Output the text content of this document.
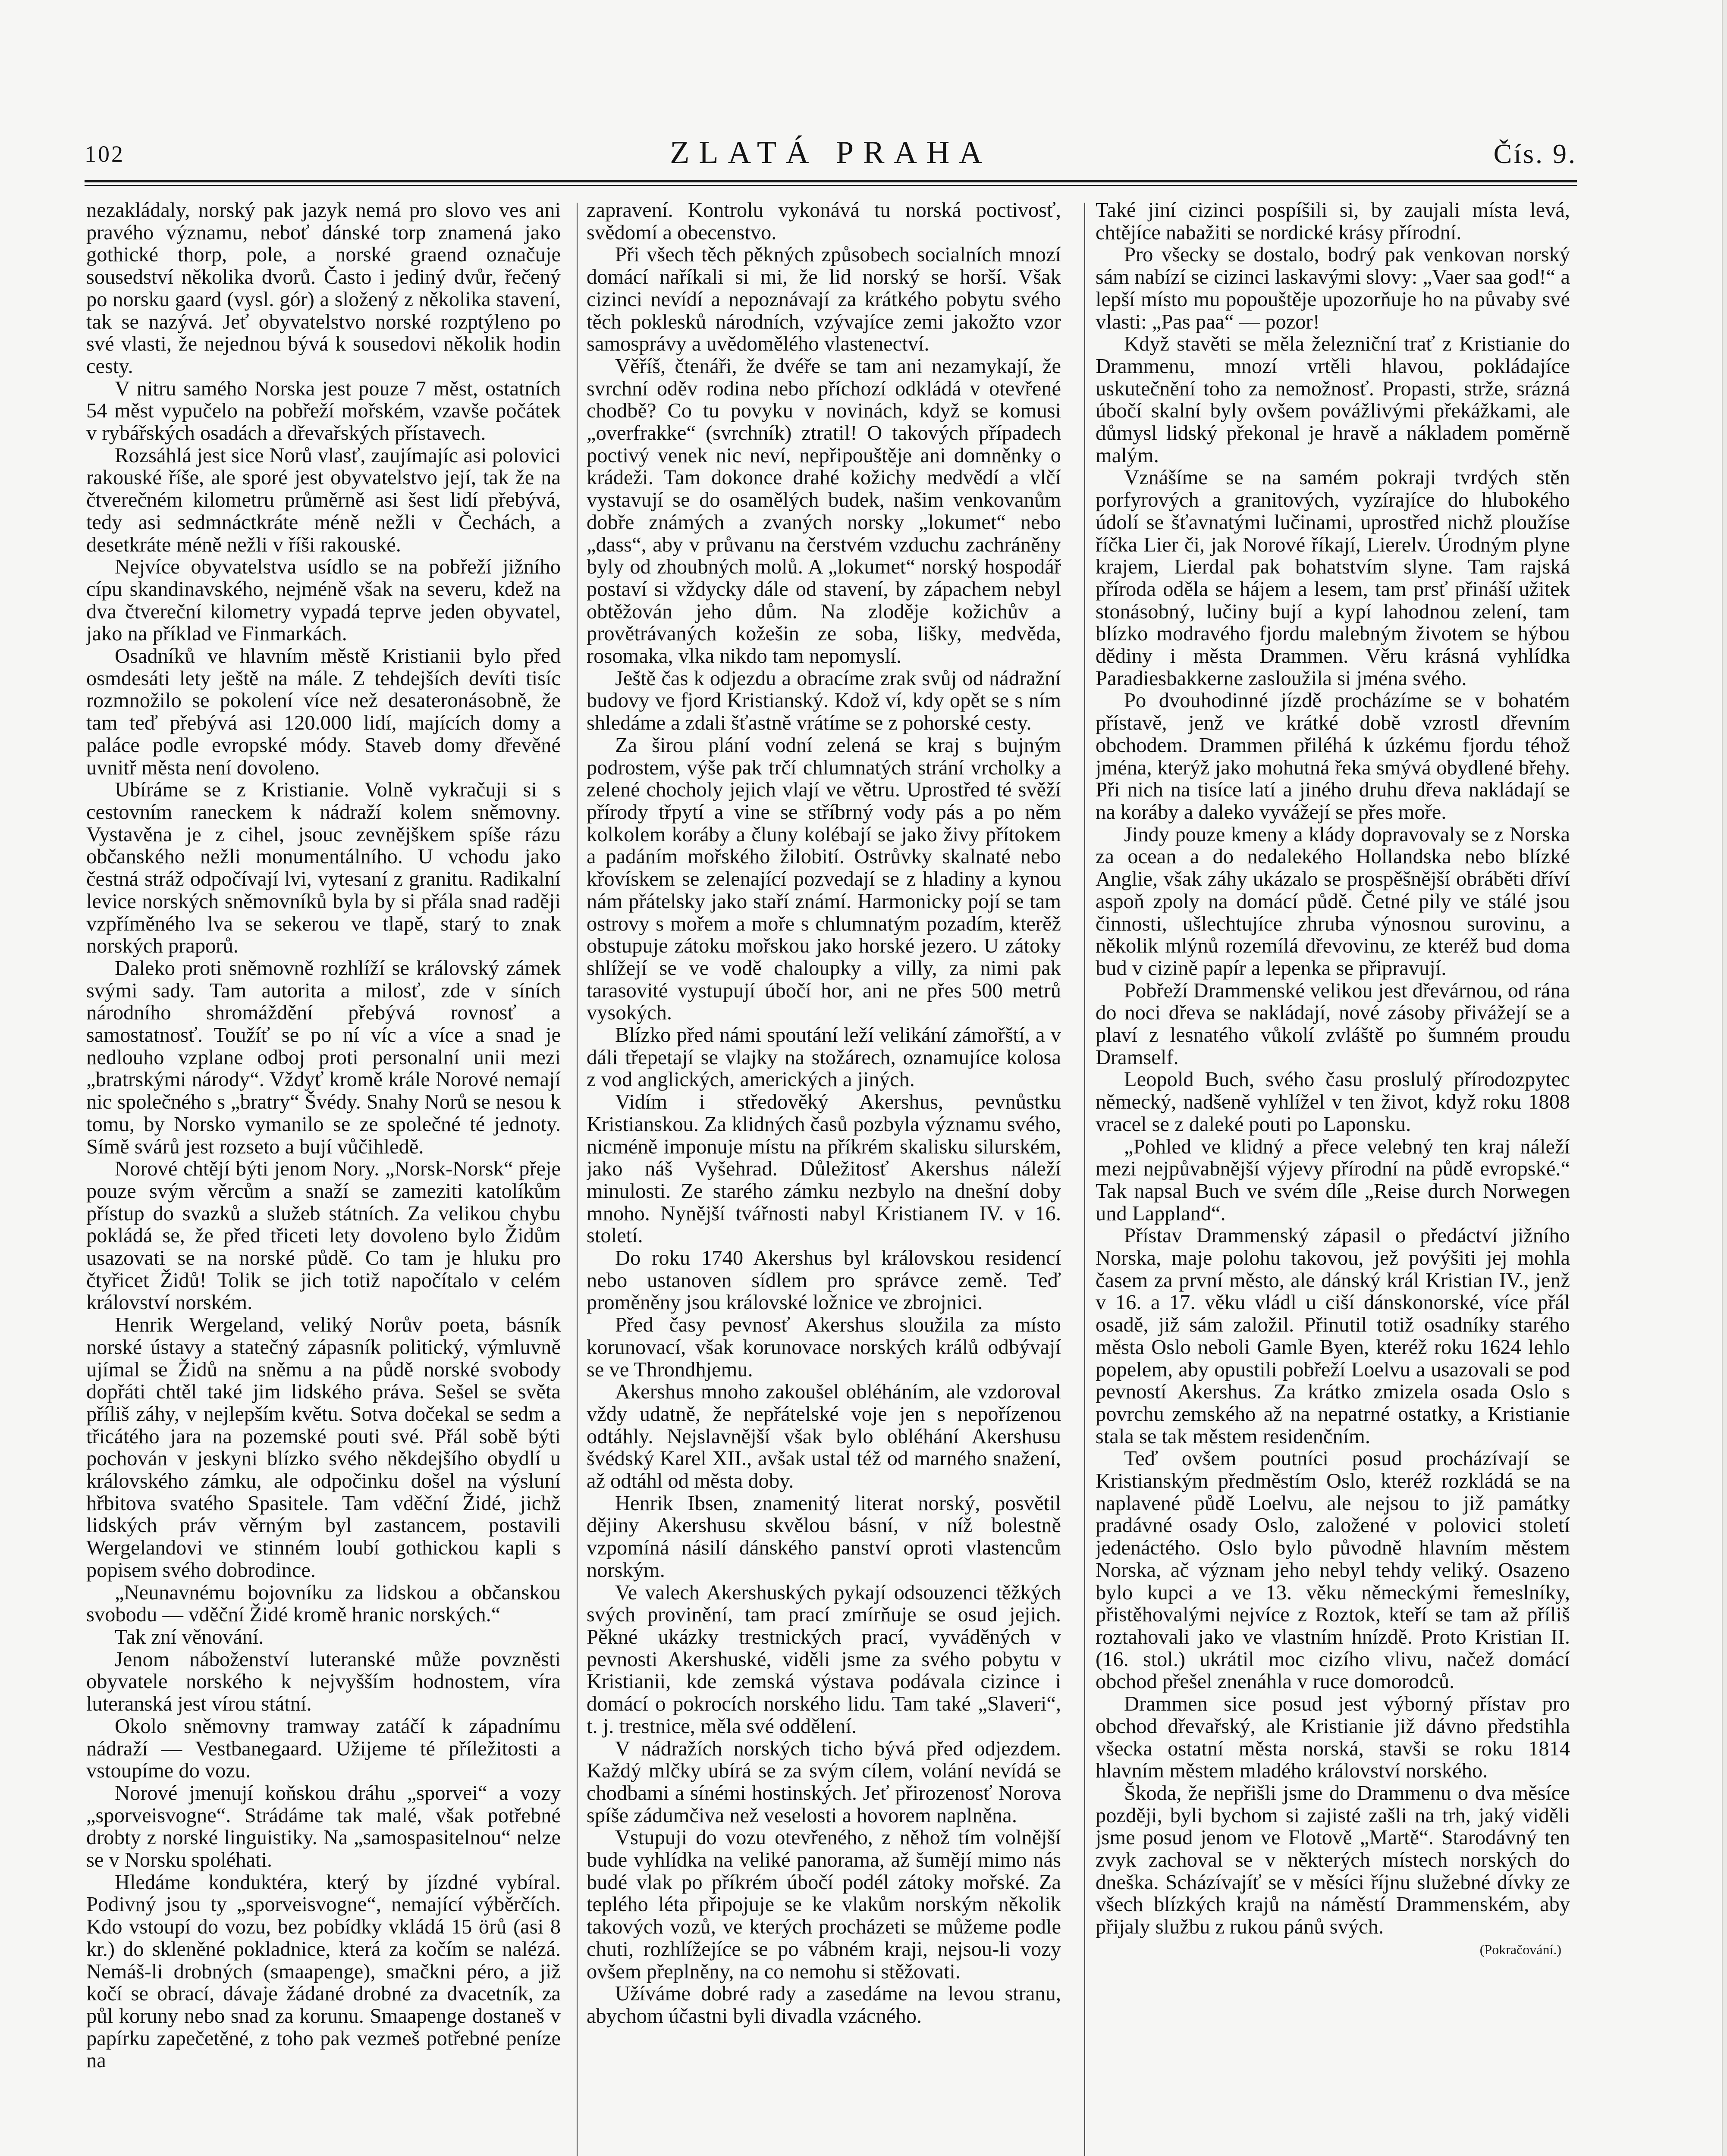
102	ZLATÁ PRAHA	Čís. 9.

nezakládaly, norský pak jazyk nemá pro slovo ves ani pravého významu, neboť dánské torp znamená jako gothické thorp, pole, a norské graend označuje sousedství několika dvorů. Často i jediný dvůr, řečený po norsku gaard (vysl. gór) a složený z několika stavení, tak se nazývá. Jeť obyvatelstvo norské rozptýleno po své vlasti, že nejednou bývá k sousedovi několik hodin cesty.

V nitru samého Norska jest pouze 7 měst, ostatních 54 měst vypučelo na pobřeží mořském, vzavše počátek v rybářských osadách a dřevařských přístavech.

Rozsáhlá jest sice Norů vlasť, zaujímajíc asi polovici rakouské říše, ale sporé jest obyvatelstvo její, tak že na čtverečném kilometru průměrně asi šest lidí přebývá, tedy asi sedmnáctkráte méně nežli v Čechách, a desetkráte méně nežli v říši rakouské.

Nejvíce obyvatelstva usídlo se na pobřeží jižního cípu skandinavského, nejméně však na severu, kdež na dva čtvereční kilometry vypadá teprve jeden obyvatel, jako na příklad ve Finmarkách.

Osadníků ve hlavním městě Kristianii bylo před osmdesáti lety ještě na mále. Z tehdejších devíti tisíc rozmnožilo se pokolení více než desateronásobně, že tam teď přebývá asi 120.000 lidí, majících domy a paláce podle evropské módy. Staveb domy dřevěné uvnitř města není dovoleno.

Ubíráme se z Kristianie. Volně vykračuji si s cestovním raneckem k nádraží kolem sněmovny. Vystavěna je z cihel, jsouc zevnějškem spíše rázu občanského nežli monumentálního. U vchodu jako čestná stráž odpočívají lvi, vytesaní z granitu. Radikalní levice norských sněmovníků byla by si přála snad raději vzpříměného lva se sekerou ve tlapě, starý to znak norských praporů.

Daleko proti sněmovně rozhlíží se královský zámek svými sady. Tam autorita a milosť, zde v síních národního shromáždění přebývá rovnosť a samostatnosť. Toužíť se po ní víc a více a snad je nedlouho vzplane odboj proti personalní unii mezi „bratrskými národy“. Vždyť kromě krále Norové nemají nic společného s „bratry“ Švédy. Snahy Norů se nesou k tomu, by Norsko vymanilo se ze společné té jednoty. Símě svárů jest rozseto a bují vůčihledě.

Norové chtějí býti jenom Nory. „Norsk-Norsk“ přeje pouze svým věrcům a snaží se zameziti katolíkům přístup do svazků a služeb státních. Za velikou chybu pokládá se, že před třiceti lety dovoleno bylo Židům usazovati se na norské půdě. Co tam je hluku pro čtyřicet Židů! Tolik se jich totiž napočítalo v celém království norském.

Henrik Wergeland, veliký Norův poeta, básník norské ústavy a statečný zápasník politický, výmluvně ujímal se Židů na sněmu a na půdě norské svobody dopřáti chtěl také jim lidského práva. Sešel se světa příliš záhy, v nejlepším květu. Sotva dočekal se sedm a třicátého jara na pozemské pouti své. Přál sobě býti pochován v jeskyni blízko svého někdejšího obydlí u královského zámku, ale odpočinku došel na výsluní hřbitova svatého Spasitele. Tam vděční Židé, jichž lidských práv věrným byl zastancem, postavili Wergelandovi ve stinném loubí gothickou kapli s popisem svého dobrodince.

„Neunavnému bojovníku za lidskou a občanskou svobodu — vděční Židé kromě hranic norských.“

Tak zní věnování.

Jenom náboženství luteranské může povzněsti obyvatele norského k nejvyšším hodnostem, víra luteranská jest vírou státní.

Okolo sněmovny tramway zatáčí k západnímu nádraží — Vestbanegaard. Užijeme té příležitosti a vstoupíme do vozu.

Norové jmenují koňskou dráhu „sporvei“ a vozy „sporveisvogne“. Strádáme tak malé, však potřebné drobty z norské linguistiky. Na „samospasitelnou“ nelze se v Norsku spoléhati.

Hledáme konduktéra, který by jízdné vybíral. Podivný jsou ty „sporveisvogne“, nemající výběrčích. Kdo vstoupí do vozu, bez pobídky vkládá 15 örů (asi 8 kr.) do skleněné pokladnice, která za kočím se nalézá. Nemáš-li drobných (smaapenge), smačkni péro, a již kočí se obrací, dávaje žádané drobné za dvacetník, za půl koruny nebo snad za korunu. Smaapenge dostaneš v papírku zapečetěné, z toho pak vezmeš potřebné peníze na

zapravení. Kontrolu vykonává tu norská poctivosť, svědomí a obecenstvo.

Při všech těch pěkných způsobech socialních mnozí domácí naříkali si mi, že lid norský se horší. Však cizinci nevídí a nepoznávají za krátkého pobytu svého těch poklesků národních, vzývajíce zemi jakožto vzor samosprávy a uvědomělého vlastenectví.

Věříš, čtenáři, že dvéře se tam ani nezamykají, že svrchní oděv rodina nebo příchozí odkládá v otevřené chodbě? Co tu povyku v novinách, když se komusi „overfrakke“ (svrchník) ztratil! O takových případech poctivý venek nic neví, nepřipouštěje ani domněnky o krádeži. Tam dokonce drahé kožichy medvědí a vlčí vystavují se do osamělých budek, našim venkovanům dobře známých a zvaných norsky „lokumet“ nebo „dass“, aby v průvanu na čerstvém vzduchu zachráněny byly od zhoubných molů. A „lokumet“ norský hospodář postaví si vždycky dále od stavení, by zápachem nebyl obtěžován jeho dům. Na zloděje kožichův a provětrávaných kožešin ze soba, lišky, medvěda, rosomaka, vlka nikdo tam nepomyslí.

Ještě čas k odjezdu a obracíme zrak svůj od nádražní budovy ve fjord Kristianský. Kdož ví, kdy opět se s ním shledáme a zdali šťastně vrátíme se z pohorské cesty.

Za širou plání vodní zelená se kraj s bujným podrostem, výše pak trčí chlumnatých strání vrcholky a zelené chocholy jejich vlají ve větru. Uprostřed té svěží přírody třpytí a vine se stříbrný vody pás a po něm kolkolem koráby a čluny kolébají se jako živy přítokem a padáním mořského žilobití. Ostrůvky skalnaté nebo křovískem se zelenající pozvedají se z hladiny a kynou nám přátelsky jako staří známí. Harmonicky pojí se tam ostrovy s mořem a moře s chlumnatým pozadím, kterěž obstupuje zátoku mořskou jako horské jezero. U zátoky shlížejí se ve vodě chaloupky a villy, za nimi pak tarasovité vystupují úbočí hor, ani ne přes 500 metrů vysokých.

Blízko před námi spoutání leží velikání zámořští, a v dáli třepetají se vlajky na stožárech, oznamujíce kolosa z vod anglických, amerických a jiných.

Vidím i středověký Akershus, pevnůstku Kristianskou. Za klidných časů pozbyla významu svého, nicméně imponuje místu na příkrém skalisku silurském, jako náš Vyšehrad. Důležitosť Akershus náleží minulosti. Ze starého zámku nezbylo na dnešní doby mnoho. Nynější tvářnosti nabyl Kristianem IV. v 16. století.

Do roku 1740 Akershus byl královskou residencí nebo ustanoven sídlem pro správce země. Teď proměněny jsou královské ložnice ve zbrojnici.

Před časy pevnosť Akershus sloužila za místo korunovací, však korunovace norských králů odbývají se ve Throndhjemu.

Akershus mnoho zakoušel obléháním, ale vzdoroval vždy udatně, že nepřátelské voje jen s nepořízenou odtáhly. Nejslavnější však bylo obléhání Akershusu švédský Karel XII., avšak ustal též od marného snažení, až odtáhl od města doby.

Henrik Ibsen, znamenitý literat norský, posvětil dějiny Akershusu skvělou básní, v níž bolestně vzpomíná násilí dánského panství oproti vlastencům norským.

Ve valech Akershuských pykají odsouzenci těžkých svých provinění, tam prací zmírňuje se osud jejich. Pěkné ukázky trestnických prací, vyváděných v pevnosti Akershuské, viděli jsme za svého pobytu v Kristianii, kde zemská výstava podávala cizince i domácí o pokrocích norského lidu. Tam také „Slaveri“, t. j. trestnice, měla své oddělení.

V nádražích norských ticho bývá před odjezdem. Každý mlčky ubírá se za svým cílem, volání nevídá se chodbami a sínémi hostinských. Jeť přirozenosť Norova spíše zádumčiva než veselosti a hovorem naplněna.

Vstupuji do vozu otevřeného, z něhož tím volnější bude vyhlídka na veliké panorama, až šumějí mimo nás budé vlak po příkrém úbočí podél zátoky mořské. Za teplého léta připojuje se ke vlakům norským několik takových vozů, ve kterých procházeti se můžeme podle chuti, rozhlížejíce se po vábném kraji, nejsou-li vozy ovšem přeplněny, na co nemohu si stěžovati.

Užíváme dobré rady a zasedáme na levou stranu, abychom účastni byli divadla vzácného.

Také jiní cizinci pospíšili si, by zaujali místa levá, chtějíce nabažiti se nordické krásy přírodní.

Pro všecky se dostalo, bodrý pak venkovan norský sám nabízí se cizinci laskavými slovy: „Vaer saa god!“ a lepší místo mu popouštěje upozorňuje ho na půvaby své vlasti: „Pas paa“ — pozor!

Když stavěti se měla železniční trať z Kristianie do Drammenu, mnozí vrtěli hlavou, pokládajíce uskutečnění toho za nemožnosť. Propasti, strže, srázná úbočí skalní byly ovšem povážlivými překážkami, ale důmysl lidský překonal je hravě a nákladem poměrně malým.

Vznášíme se na samém pokraji tvrdých stěn porfyrových a granitových, vyzírajíce do hlubokého údolí se šťavnatými lučinami, uprostřed nichž ploužíse říčka Lier či, jak Norové říkají, Lierelv. Úrodným plyne krajem, Lierdal pak bohatstvím slyne. Tam rajská příroda oděla se hájem a lesem, tam prsť přináší užitek stonásobný, lučiny bují a kypí lahodnou zelení, tam blízko modravého fjordu malebným životem se hýbou dědiny i města Drammen. Věru krásná vyhlídka Paradiesbakkerne zasloužila si jména svého.

Po dvouhodinné jízdě procházíme se v bohatém přístavě, jenž ve krátké době vzrostl dřevním obchodem. Drammen přiléhá k úzkému fjordu téhož jména, kterýž jako mohutná řeka smývá obydlené břehy. Při nich na tisíce latí a jiného druhu dřeva nakládají se na koráby a daleko vyvážejí se přes moře.

Jindy pouze kmeny a klády dopravovaly se z Norska za ocean a do nedalekého Hollandska nebo blízké Anglie, však záhy ukázalo se prospěšnější obráběti dříví aspoň zpoly na domácí půdě. Četné pily ve stálé jsou činnosti, ušlechtujíce zhruba výnosnou surovinu, a několik mlýnů rozemílá dřevovinu, ze kteréž bud doma bud v cizině papír a lepenka se připravují.

Pobřeží Drammenské velikou jest dřevárnou, od rána do noci dřeva se nakládají, nové zásoby přivážejí se a plaví z lesnatého vůkolí zvláště po šumném proudu Dramself.

Leopold Buch, svého času proslulý přírodozpytec německý, nadšeně vyhlížel v ten život, když roku 1808 vracel se z daleké pouti po Laponsku.

„Pohled ve klidný a přece velebný ten kraj náleží mezi nejpůvabnější výjevy přírodní na půdě evropské.“ Tak napsal Buch ve svém díle „Reise durch Norwegen und Lappland“.

Přístav Drammenský zápasil o předáctví jižního Norska, maje polohu takovou, jež povýšiti jej mohla časem za první město, ale dánský král Kristian IV., jenž v 16. a 17. věku vládl u ciší dánskonorské, více přál osadě, již sám založil. Přinutil totiž osadníky starého města Oslo neboli Gamle Byen, kteréž roku 1624 lehlo popelem, aby opustili pobřeží Loelvu a usazovali se pod pevností Akershus. Za krátko zmizela osada Oslo s povrchu zemského až na nepatrné ostatky, a Kristianie stala se tak městem residenčním.

Teď ovšem poutníci posud procházívají se Kristianským předměstím Oslo, kteréž rozkládá se na naplavené půdě Loelvu, ale nejsou to již památky pradávné osady Oslo, založené v polovici století jedenáctého. Oslo bylo původně hlavním městem Norska, ač význam jeho nebyl tehdy veliký. Osazeno bylo kupci a ve 13. věku německými řemeslníky, přistěhovalými nejvíce z Roztok, kteří se tam až příliš roztahovali jako ve vlastním hnízdě. Proto Kristian II. (16. stol.) ukrátil moc cizího vlivu, načež domácí obchod přešel znenáhla v ruce domorodců.

Drammen sice posud jest výborný přístav pro obchod dřevařský, ale Kristianie již dávno předstihla všecka ostatní města norská, stavši se roku 1814 hlavním městem mladého království norského.

Škoda, že nepřišli jsme do Drammenu o dva měsíce později, byli bychom si zajisté zašli na trh, jaký viděli jsme posud jenom ve Flotově „Martě“. Starodávný ten zvyk zachoval se v některých místech norských do dneška. Scházívajíť se v měsíci říjnu služebné dívky ze všech blízkých krajů na náměstí Drammenském, aby přijaly službu z rukou pánů svých.

(Pokračování.)
